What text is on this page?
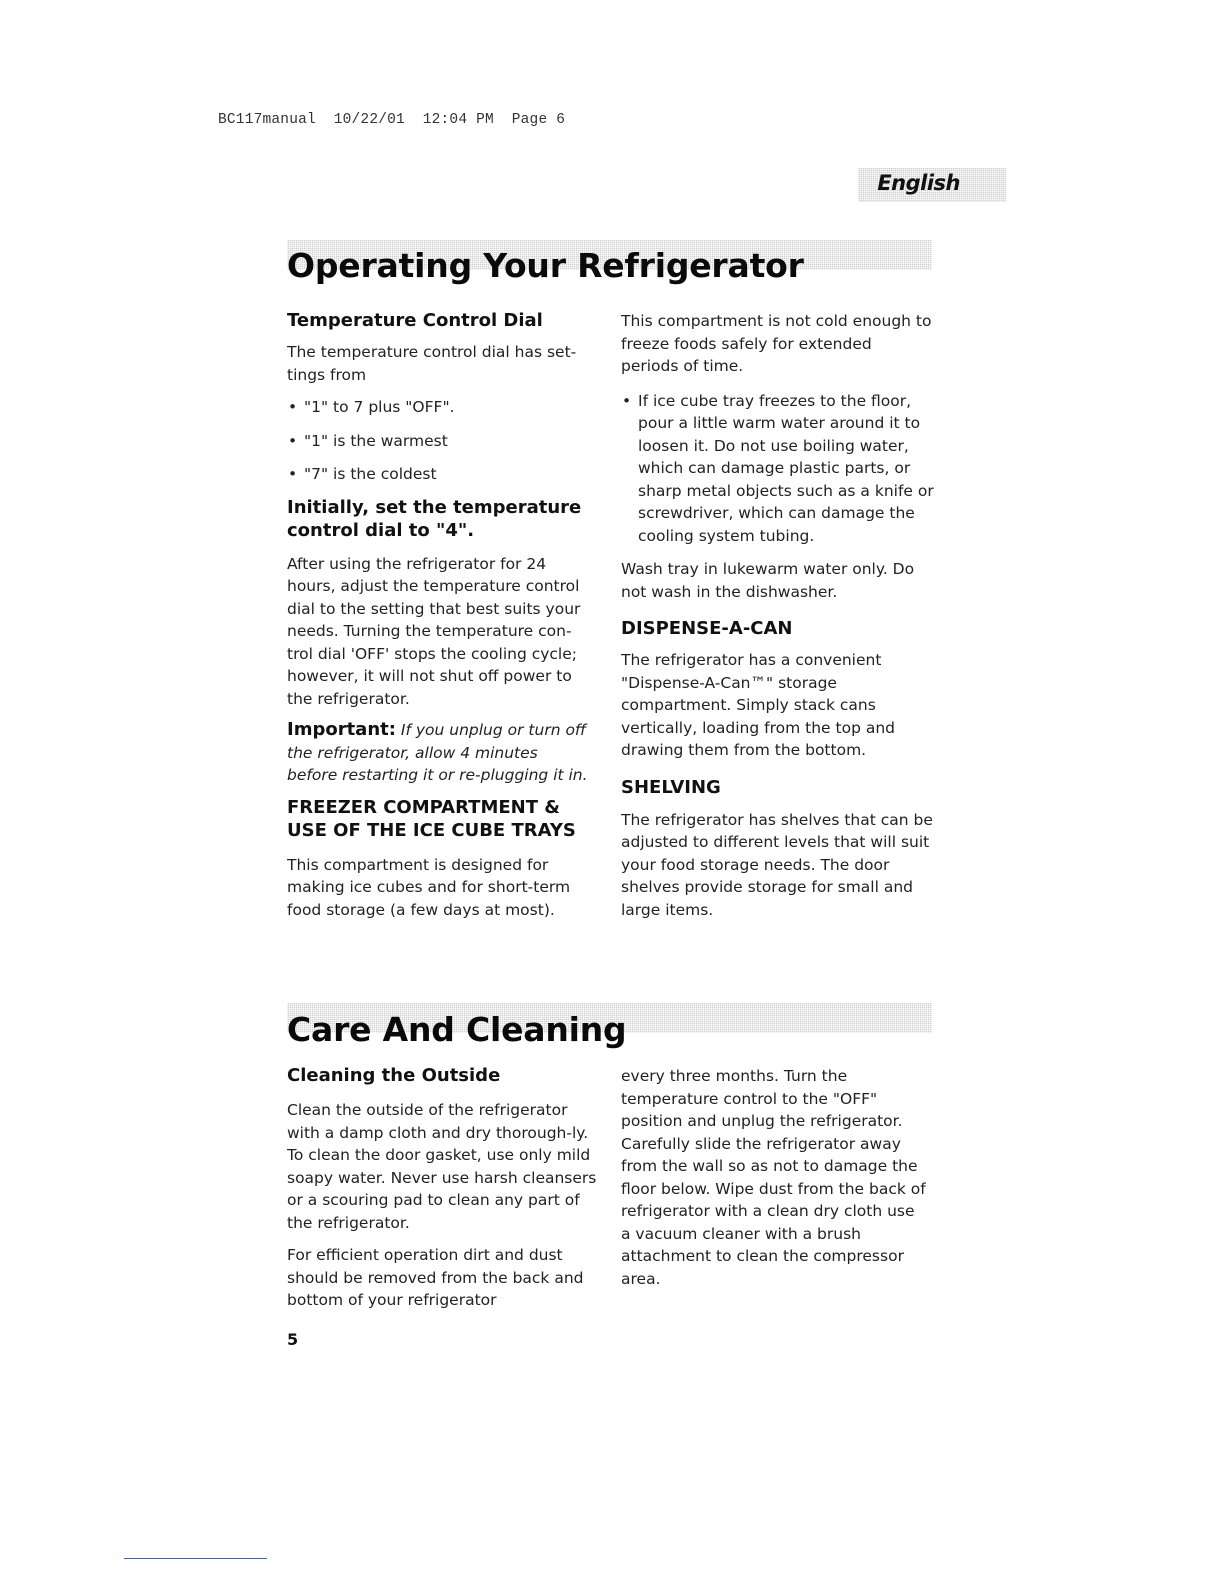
BC117manual  10/22/01  12:04 PM  Page 6
English
Operating Your Refrigerator
Temperature Control Dial

The temperature control dial has set-tings from

• "1" to 7 plus "OFF".

• "1" is the warmest

• "7" is the coldest

Initially, set the temperature control dial to "4".

After using the refrigerator for 24 hours, adjust the temperature control dial to the setting that best suits your needs. Turning the temperature con-trol dial 'OFF' stops the cooling cycle; however, it will not shut off power to the refrigerator.

Important: If you unplug or turn off the refrigerator, allow 4 minutes before restarting it or re-plugging it in.

FREEZER COMPARTMENT & USE OF THE ICE CUBE TRAYS

This compartment is designed for making ice cubes and for short-term food storage (a few days at most).

This compartment is not cold enough to freeze foods safely for extended periods of time.

• If ice cube tray freezes to the floor, pour a little warm water around it to loosen it. Do not use boiling water, which can damage plastic parts, or sharp metal objects such as a knife or screwdriver, which can damage the cooling system tubing.

Wash tray in lukewarm water only. Do not wash in the dishwasher.

DISPENSE-A-CAN

The refrigerator has a convenient "Dispense-A-Can™" storage compartment. Simply stack cans vertically, loading from the top and drawing them from the bottom.

SHELVING

The refrigerator has shelves that can be adjusted to different levels that will suit your food storage needs. The door shelves provide storage for small and large items.

Care And Cleaning
Cleaning the Outside

Clean the outside of the refrigerator with a damp cloth and dry thorough-ly. To clean the door gasket, use only mild soapy water. Never use harsh cleansers or a scouring pad to clean any part of the refrigerator.

For efficient operation dirt and dust should be removed from the back and bottom of your refrigerator

every three months. Turn the temperature control to the "OFF" position and unplug the refrigerator. Carefully slide the refrigerator away from the wall so as not to damage the floor below. Wipe dust from the back of refrigerator with a clean dry cloth use a vacuum cleaner with a brush attachment to clean the compressor area.

5
